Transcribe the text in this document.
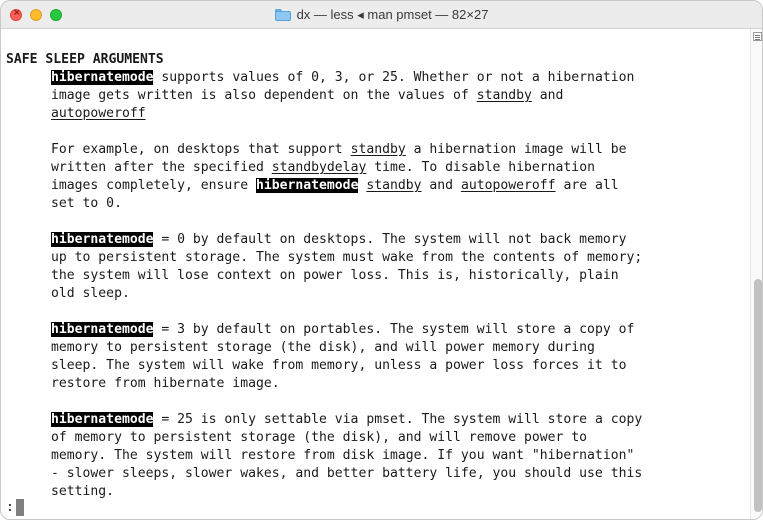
×	dx — less ◂ man pmset — 82×27
SAFE SLEEP ARGUMENTS
hibernatemode supports values of 0, 3, or 25. Whether or not a hibernation
image gets written is also dependent on the values of standby and
autopoweroff
For example, on desktops that support standby a hibernation image will be
written after the specified standbydelay time. To disable hibernation
images completely, ensure hibernatemode standby and autopoweroff are all
set to 0.
hibernatemode = 0 by default on desktops. The system will not back memory
up to persistent storage. The system must wake from the contents of memory;
the system will lose context on power loss. This is, historically, plain
old sleep.
hibernatemode = 3 by default on portables. The system will store a copy of
memory to persistent storage (the disk), and will power memory during
sleep. The system will wake from memory, unless a power loss forces it to
restore from hibernate image.
hibernatemode = 25 is only settable via pmset. The system will store a copy
of memory to persistent storage (the disk), and will remove power to
memory. The system will restore from disk image. If you want "hibernation"
- slower sleeps, slower wakes, and better battery life, you should use this
setting.
:
